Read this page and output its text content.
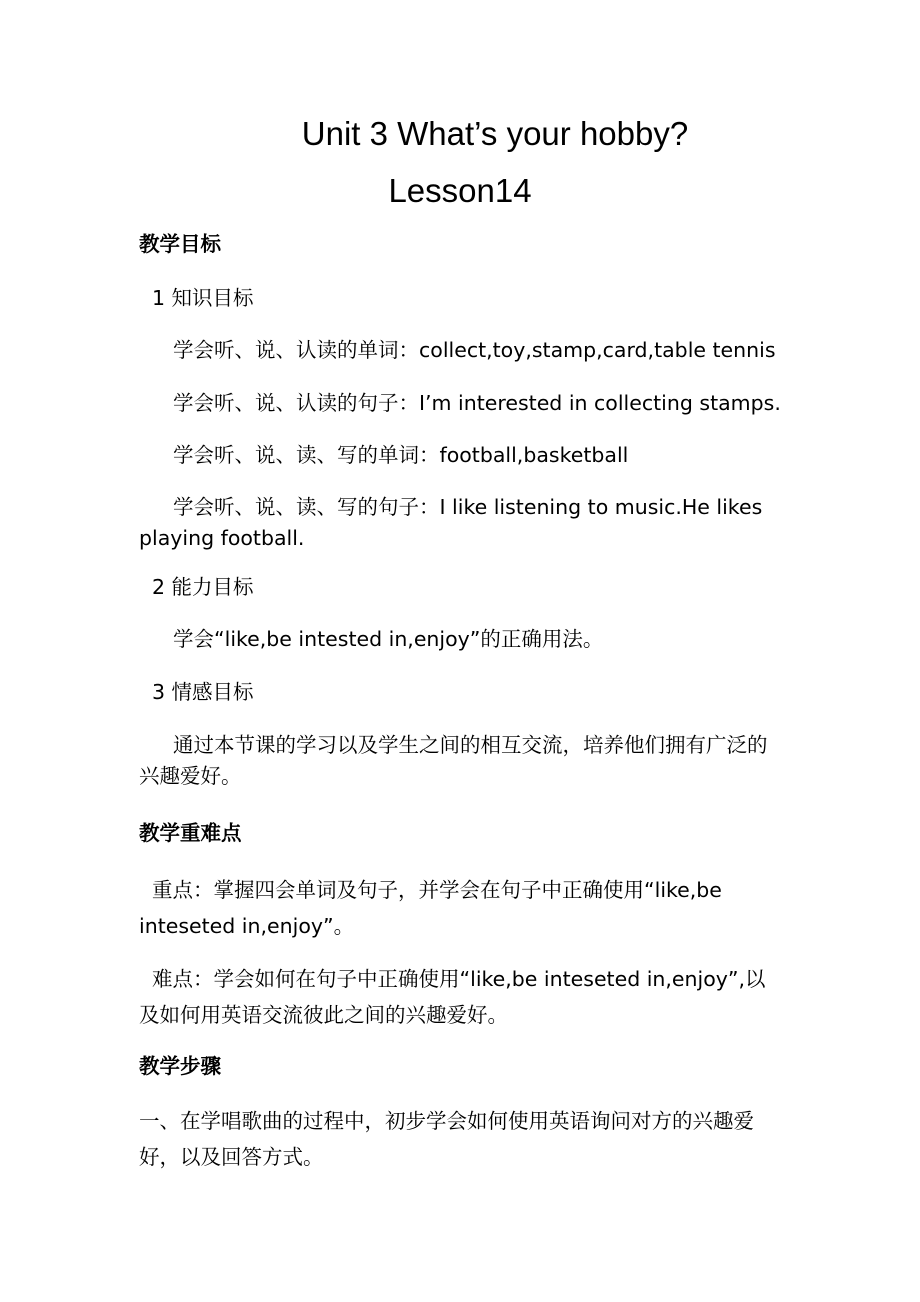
Unit 3 What’s your hobby?
Lesson14
教学目标
1 知识目标
学会听、说、认读的单词：collect,toy,stamp,card,table tennis
学会听、说、认读的句子：I’m interested in collecting stamps.
学会听、说、读、写的单词：football,basketball
学会听、说、读、写的句子：I like listening to music.He likes playing football.
2 能力目标
学会“like,be intested in,enjoy”的正确用法。
3 情感目标
通过本节课的学习以及学生之间的相互交流，培养他们拥有广泛的兴趣爱好。
教学重难点
重点：掌握四会单词及句子，并学会在句子中正确使用“like,be inteseted in,enjoy”。
难点：学会如何在句子中正确使用“like,be inteseted in,enjoy”,以及如何用英语交流彼此之间的兴趣爱好。
教学步骤
一、在学唱歌曲的过程中，初步学会如何使用英语询问对方的兴趣爱好，以及回答方式。
